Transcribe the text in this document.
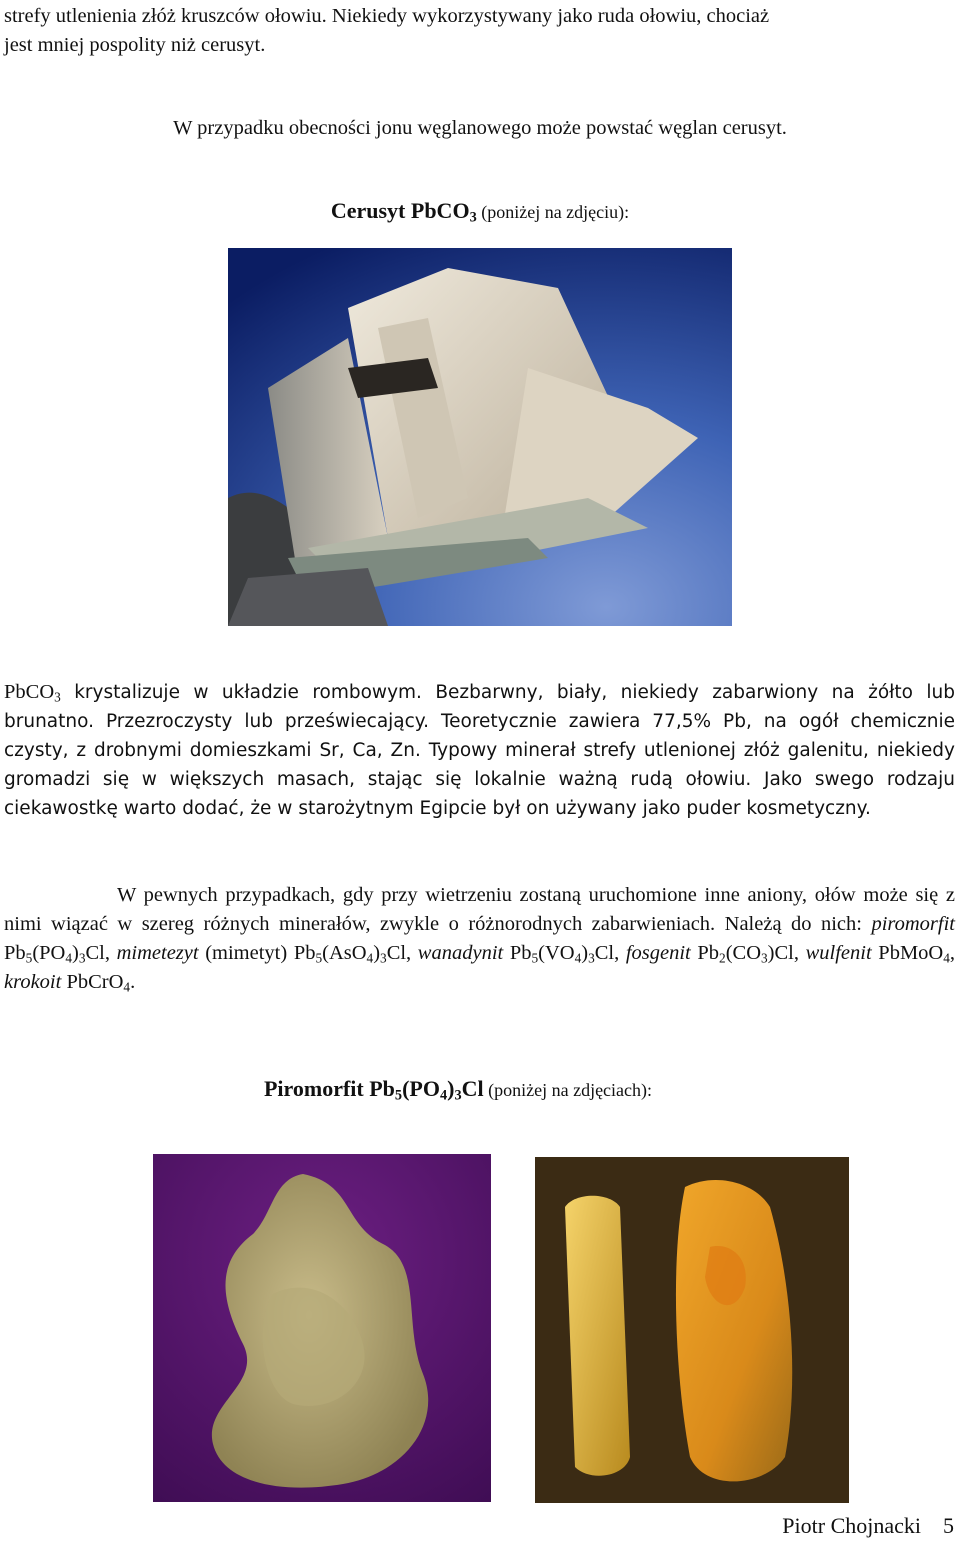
strefy utlenienia złóż kruszców ołowiu. Niekiedy wykorzystywany jako ruda ołowiu, chociaż
jest mniej pospolity niż cerusyt.

W przypadku obecności jonu węglanowego może powstać węglan cerusyt.

Cerusyt PbCO$_3$ (poniżej na zdjęciu):

PbCO$_3$ krystalizuje w układzie rombowym. Bezbarwny, biały, niekiedy zabarwiony na żółto lub brunatno. Przezroczysty lub przeświecający. Teoretycznie zawiera 77,5% Pb, na ogół chemicznie czysty, z drobnymi domieszkami Sr, Ca, Zn. Typowy minerał strefy utlenionej złóż galenitu, niekiedy gromadzi się w większych masach, stając się lokalnie ważną rudą ołowiu. Jako swego rodzaju ciekawostkę warto dodać, że w starożytnym Egipcie był on używany jako puder kosmetyczny.

W pewnych przypadkach, gdy przy wietrzeniu zostaną uruchomione inne aniony, ołów może się z nimi wiązać w szereg różnych minerałów, zwykle o różnorodnych zabarwieniach. Należą do nich: piromorfit $Pb_5(PO_4)_3Cl$, mimetezyt (mimetyt) $Pb_5(AsO_4)_3Cl$, wanadynit $Pb_5(VO_4)_3Cl$, fosgenit $Pb_2(CO_3)Cl$, wulfenit PbMoO$_4$, krokoit PbCrO$_4$.

Piromorfit $Pb_5(PO_4)_3Cl$ (poniżej na zdjęciach):

Piotr Chojnacki 5
